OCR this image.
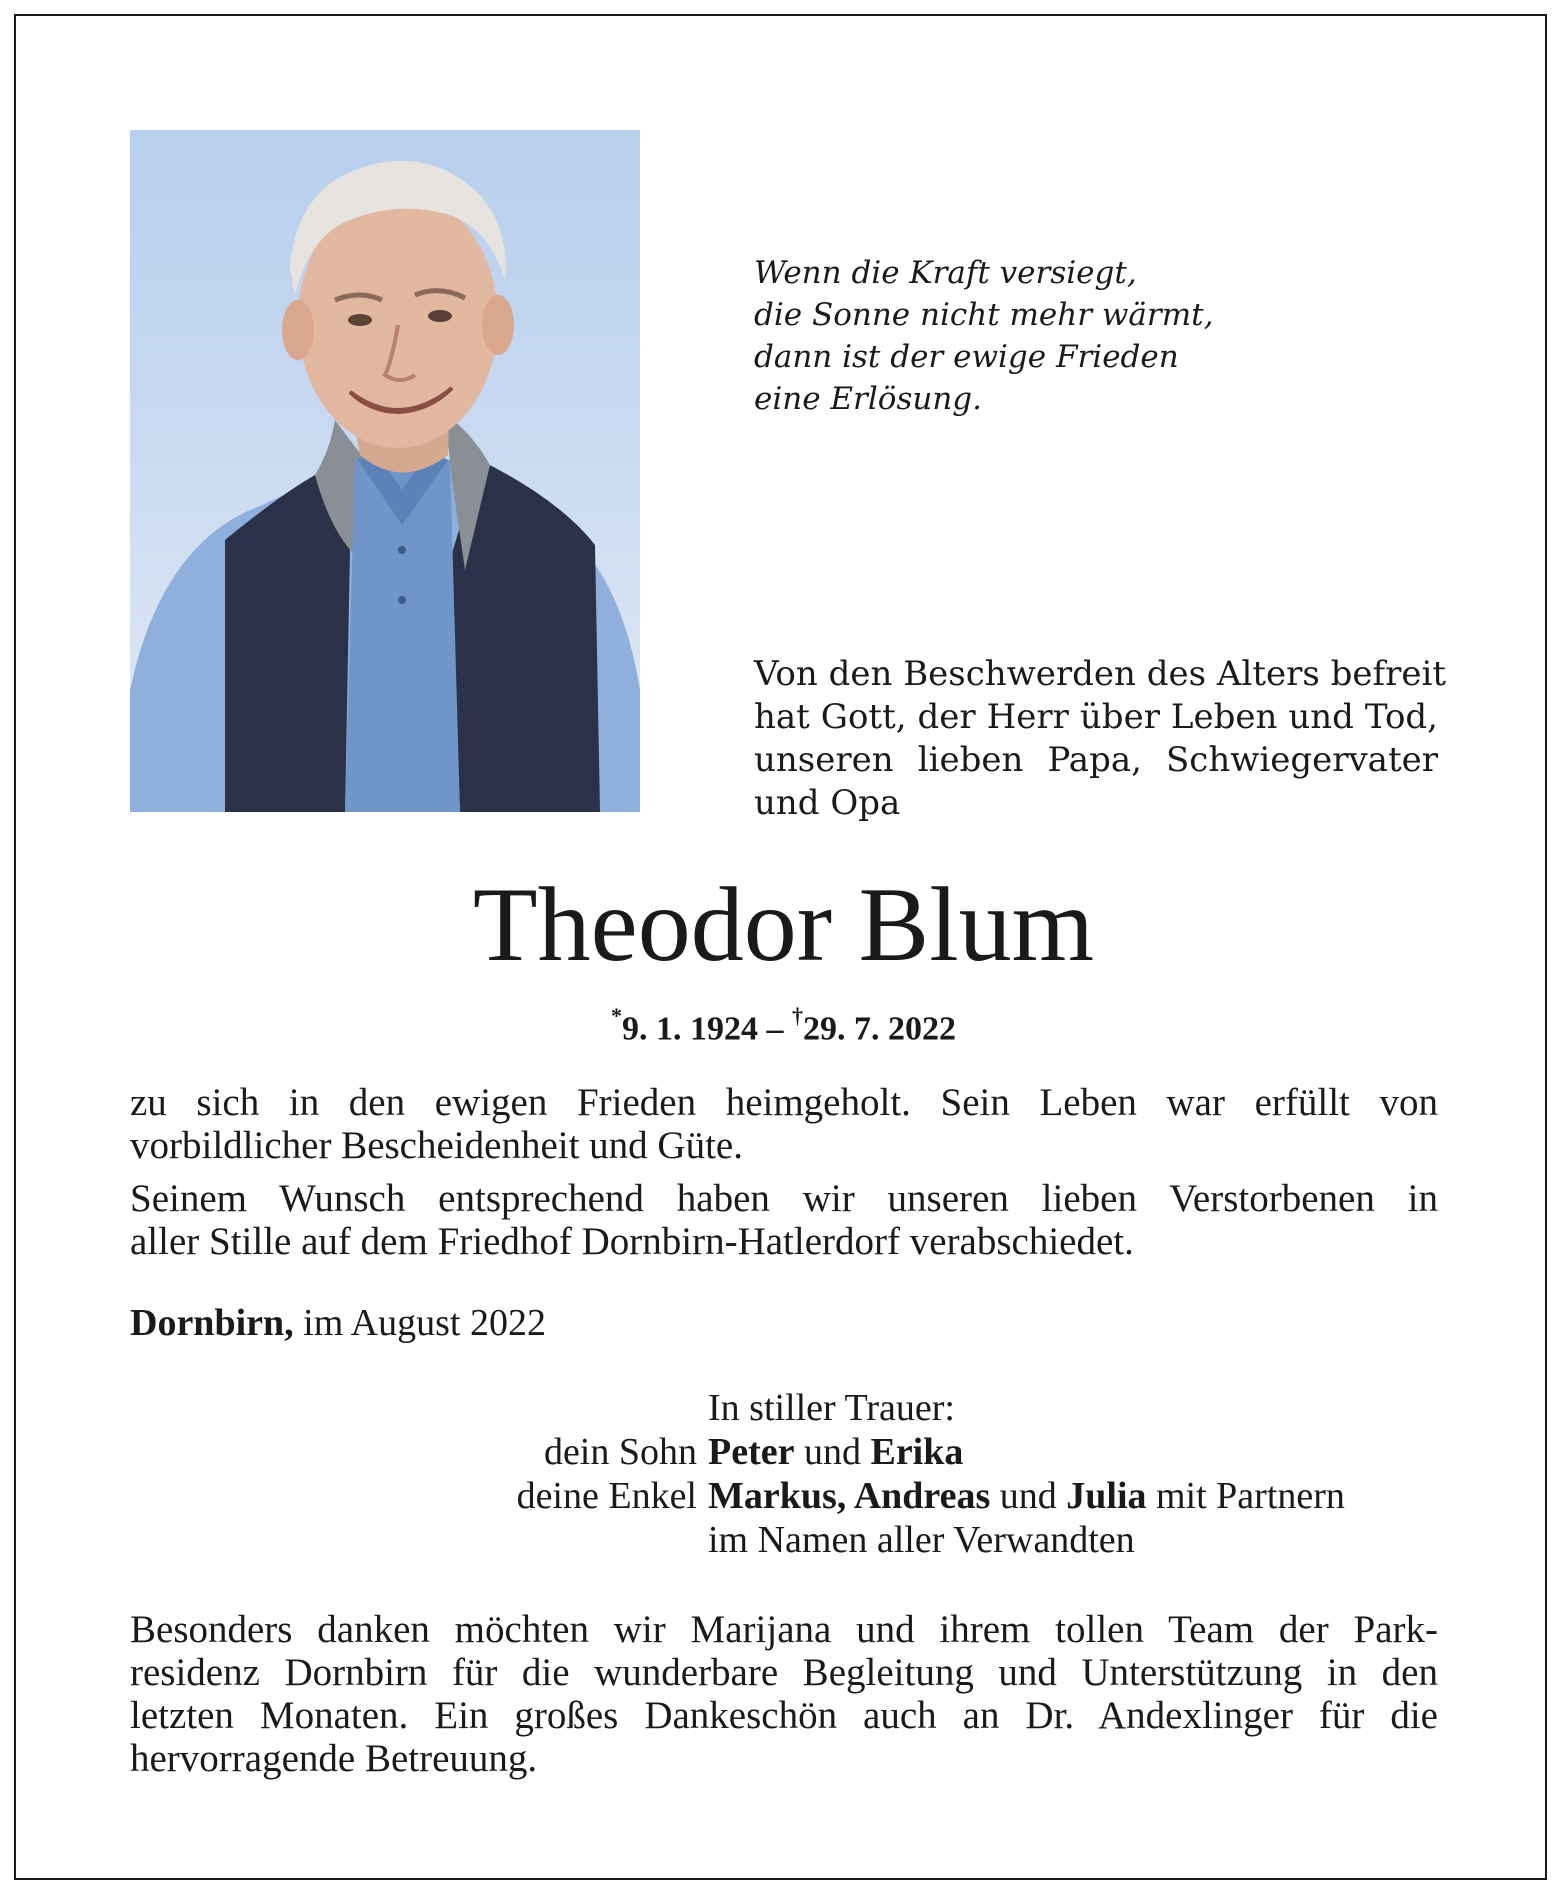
Wenn die Kraft versiegt,
die Sonne nicht mehr wärmt,
dann ist der ewige Frieden
eine Erlösung.
Von den Beschwerden des Alters befreit
hat Gott, der Herr über Leben und Tod,
unseren lieben Papa, Schwiegervater
und Opa
Theodor Blum
*9. 1. 1924 – †29. 7. 2022
zu sich in den ewigen Frieden heimgeholt. Sein Leben war erfüllt von
vorbildlicher Bescheidenheit und Güte.
Seinem Wunsch entsprechend haben wir unseren lieben Verstorbenen in
aller Stille auf dem Friedhof Dornbirn-Hatlerdorf verabschiedet.
Dornbirn, im August 2022
In stiller Trauer:
dein Sohn Peter und Erika
deine Enkel Markus, Andreas und Julia mit Partnern
im Namen aller Verwandten
Besonders danken möchten wir Marijana und ihrem tollen Team der Park-
residenz Dornbirn für die wunderbare Begleitung und Unterstützung in den
letzten Monaten. Ein großes Dankeschön auch an Dr. Andexlinger für die
hervorragende Betreuung.
